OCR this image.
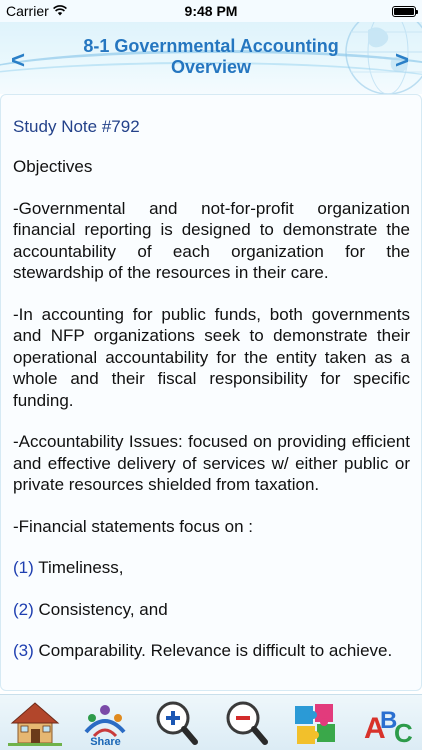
Carrier	9:48 PM
<
8-1 Governmental Accounting
Overview	>
Study Note #792

Objectives

-Governmental and not-for-profit organization financial reporting is designed to demonstrate the accountability of each organization for the stewardship of the resources in their care.

-In accounting for public funds, both governments and NFP organizations seek to demonstrate their operational accountability for the entity taken as a whole and their fiscal responsibility for specific funding.

-Accountability Issues: focused on providing efficient and effective delivery of services w/ either public or private resources shielded from taxation.

-Financial statements focus on :

(1) Timeliness,

(2) Consistency, and

(3) Comparability. Relevance is difficult to achieve.

Share	A
B
C
